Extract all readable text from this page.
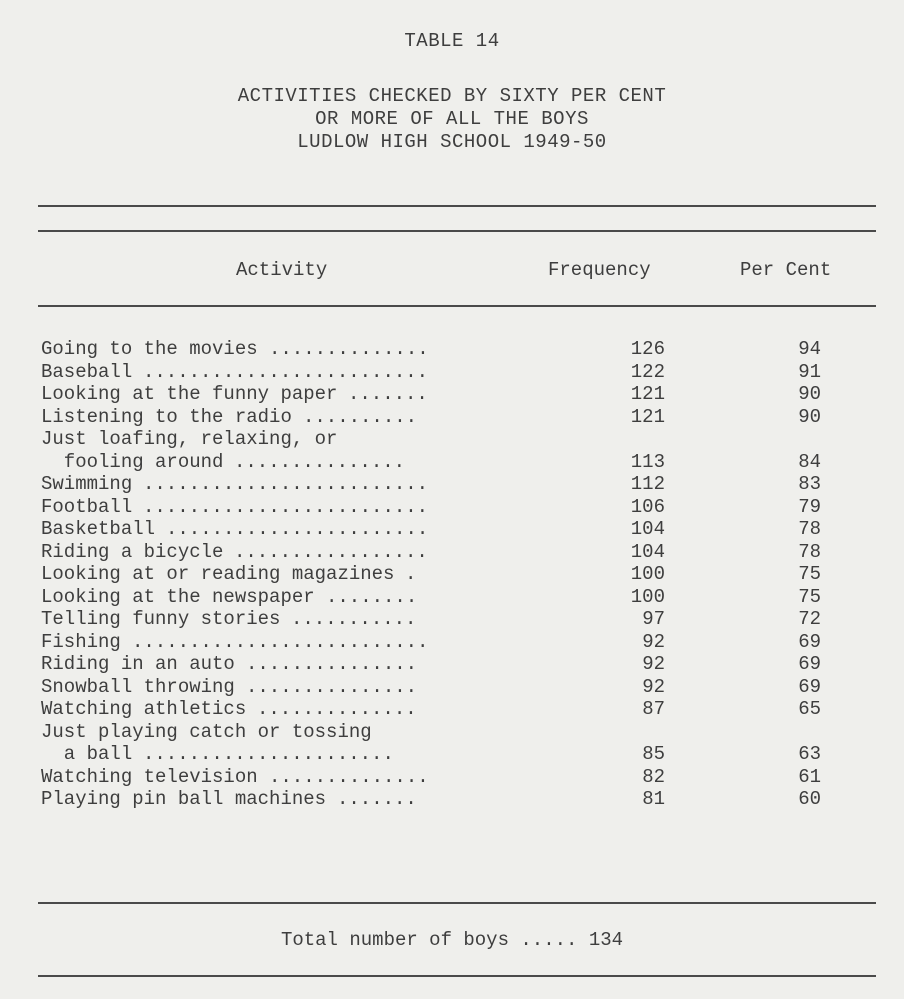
TABLE 14
ACTIVITIES CHECKED BY SIXTY PER CENT
OR MORE OF ALL THE BOYS
LUDLOW HIGH SCHOOL 1949-50
Activity	Frequency	Per Cent
Going to the movies ..............	126	94
Baseball .........................	122	91
Looking at the funny paper .......	121	90
Listening to the radio ..........	121	90
Just loafing, relaxing, or
fooling around ...............	113	84
Swimming .........................	112	83
Football .........................	106	79
Basketball .......................	104	78
Riding a bicycle .................	104	78
Looking at or reading magazines .	100	75
Looking at the newspaper ........	100	75
Telling funny stories ...........	97	72
Fishing ..........................	92	69
Riding in an auto ...............	92	69
Snowball throwing ...............	92	69
Watching athletics ..............	87	65
Just playing catch or tossing
a ball ......................	85	63
Watching television ..............	82	61
Playing pin ball machines .......	81	60
Total number of boys ..... 134
